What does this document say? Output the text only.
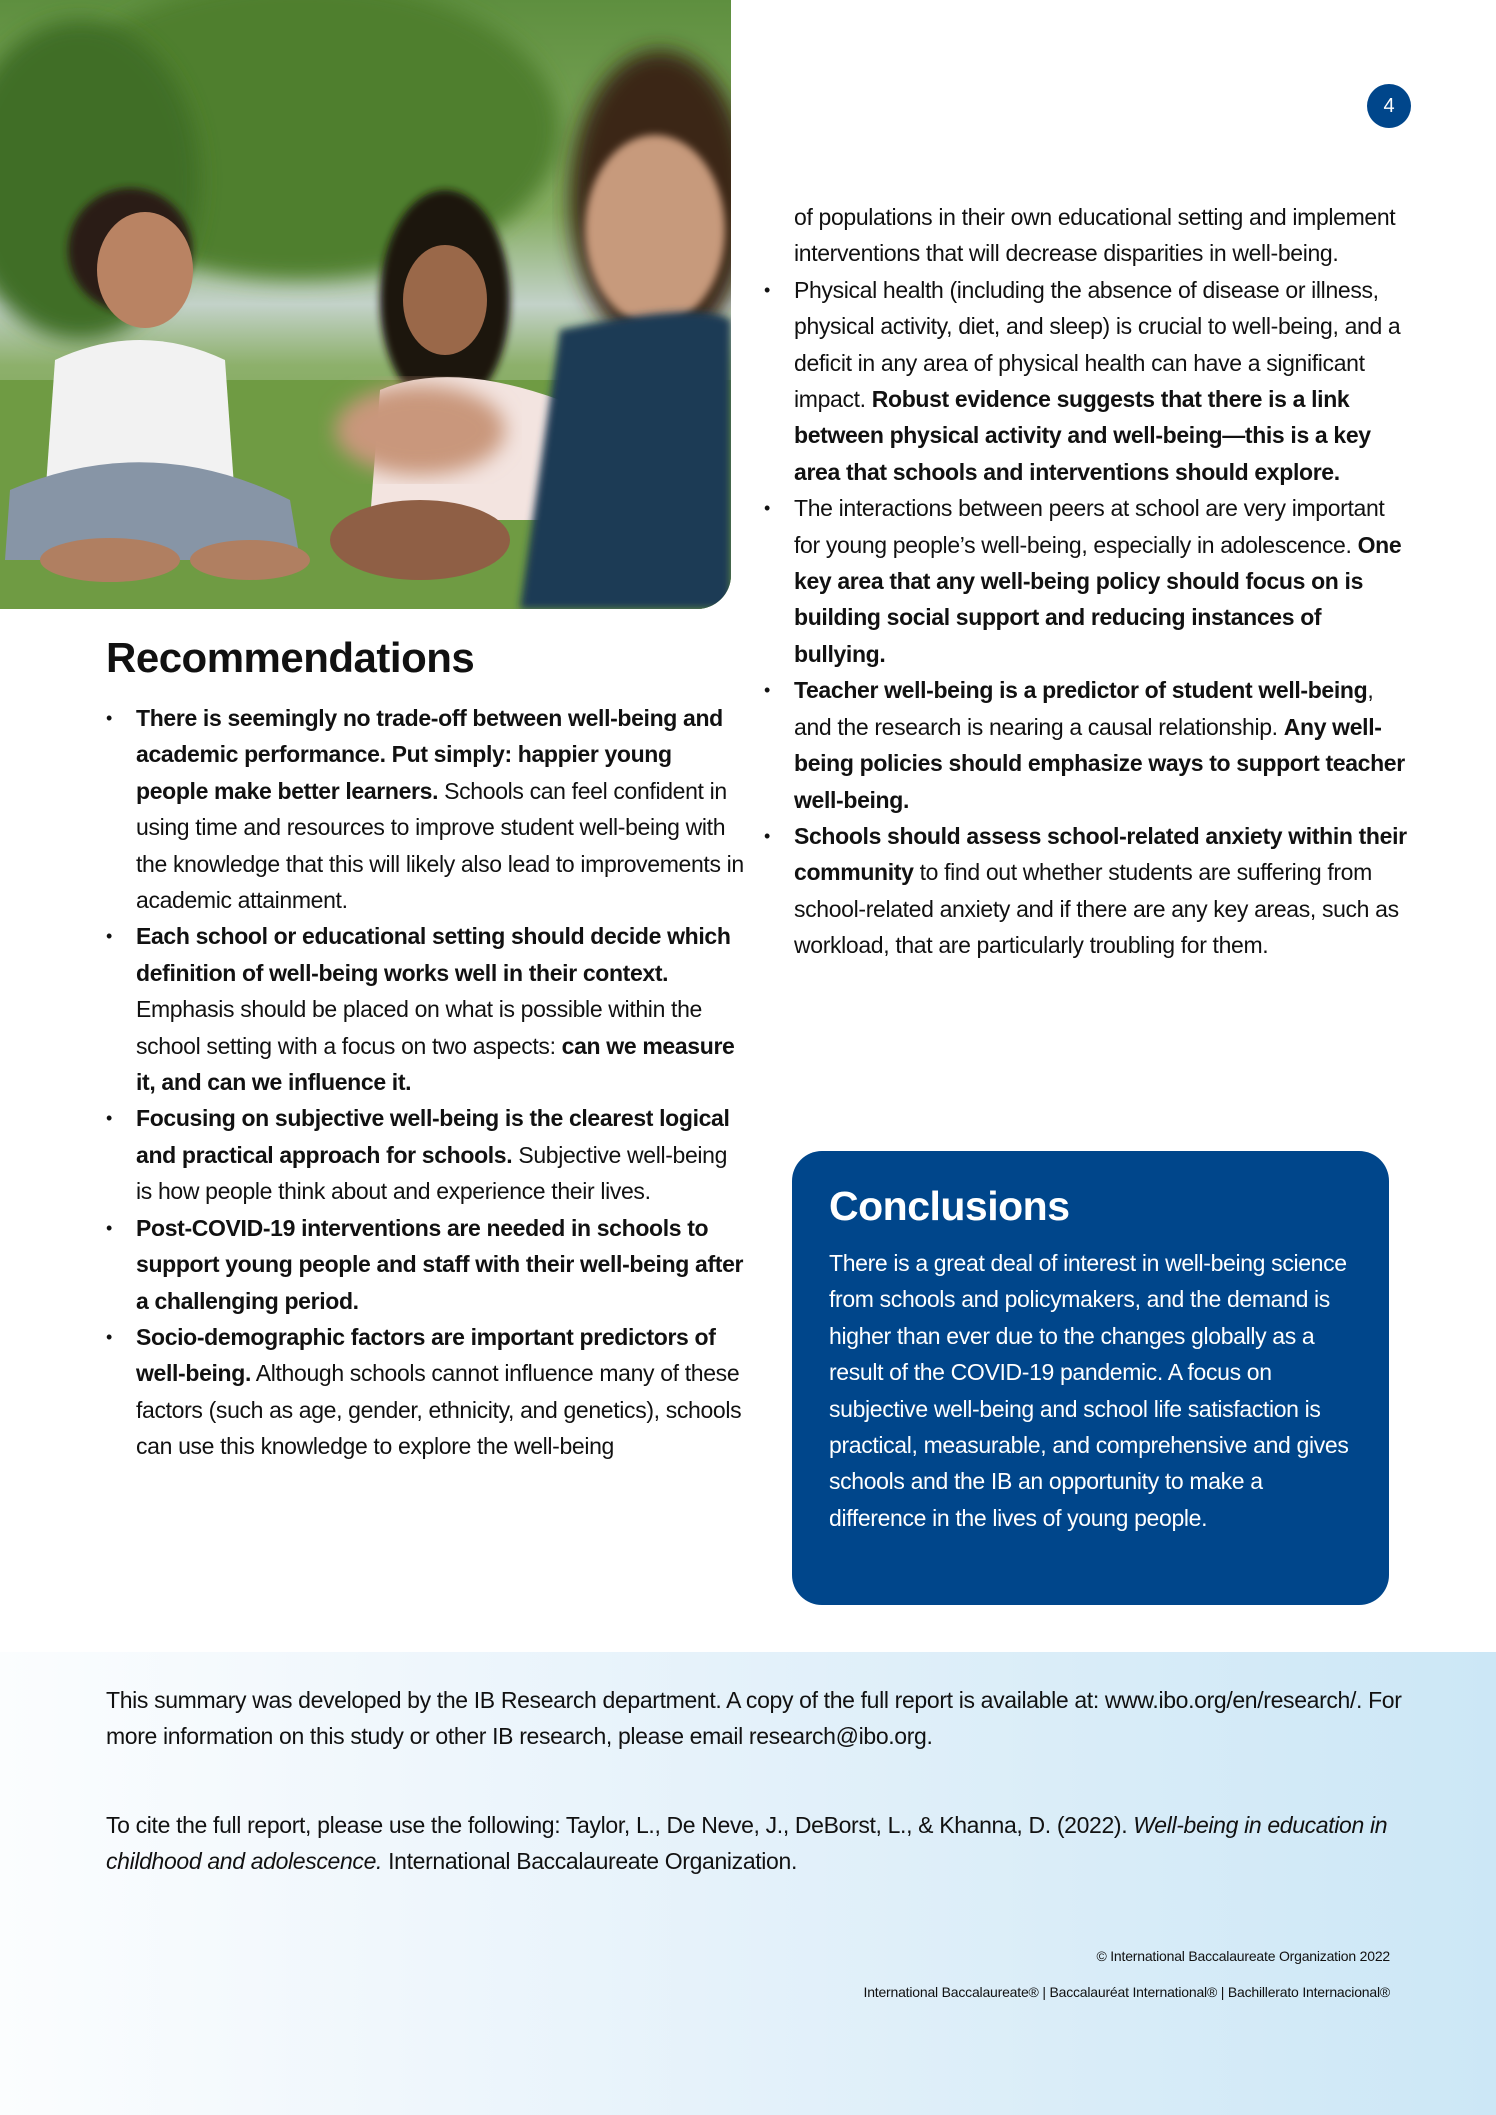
4
Recommendations
• There is seemingly no trade-off between well-being and academic performance. Put simply: happier young people make better learners. Schools can feel confident in using time and resources to improve student well-being with the knowledge that this will likely also lead to improvements in academic attainment.
• Each school or educational setting should decide which definition of well-being works well in their context. Emphasis should be placed on what is possible within the school setting with a focus on two aspects: can we measure it, and can we influence it.
• Focusing on subjective well-being is the clearest logical and practical approach for schools. Subjective well-being is how people think about and experience their lives.
• Post-COVID-19 interventions are needed in schools to support young people and staff with their well-being after a challenging period.
• Socio-demographic factors are important predictors of well-being. Although schools cannot influence many of these factors (such as age, gender, ethnicity, and genetics), schools can use this knowledge to explore the well-being
of populations in their own educational setting and implement interventions that will decrease disparities in well-being.
• Physical health (including the absence of disease or illness, physical activity, diet, and sleep) is crucial to well-being, and a deficit in any area of physical health can have a significant impact. Robust evidence suggests that there is a link between physical activity and well-being—this is a key area that schools and interventions should explore.
• The interactions between peers at school are very important for young people’s well-being, especially in adolescence. One key area that any well-being policy should focus on is building social support and reducing instances of bullying.
• Teacher well-being is a predictor of student well-being, and the research is nearing a causal relationship. Any well-being policies should emphasize ways to support teacher well-being.
• Schools should assess school-related anxiety within their community to find out whether students are suffering from school-related anxiety and if there are any key areas, such as workload, that are particularly troubling for them.
Conclusions

There is a great deal of interest in well-being science from schools and policymakers, and the demand is higher than ever due to the changes globally as a result of the COVID-19 pandemic. A focus on subjective well-being and school life satisfaction is practical, measurable, and comprehensive and gives schools and the IB an opportunity to make a difference in the lives of young people.

This summary was developed by the IB Research department. A copy of the full report is available at: www.ibo.org/en/research/. For more information on this study or other IB research, please email research@ibo.org.

To cite the full report, please use the following: Taylor, L., De Neve, J., DeBorst, L., & Khanna, D. (2022). Well-being in education in childhood and adolescence. International Baccalaureate Organization.

© International Baccalaureate Organization 2022
International Baccalaureate® | Baccalauréat International® | Bachillerato Internacional®
